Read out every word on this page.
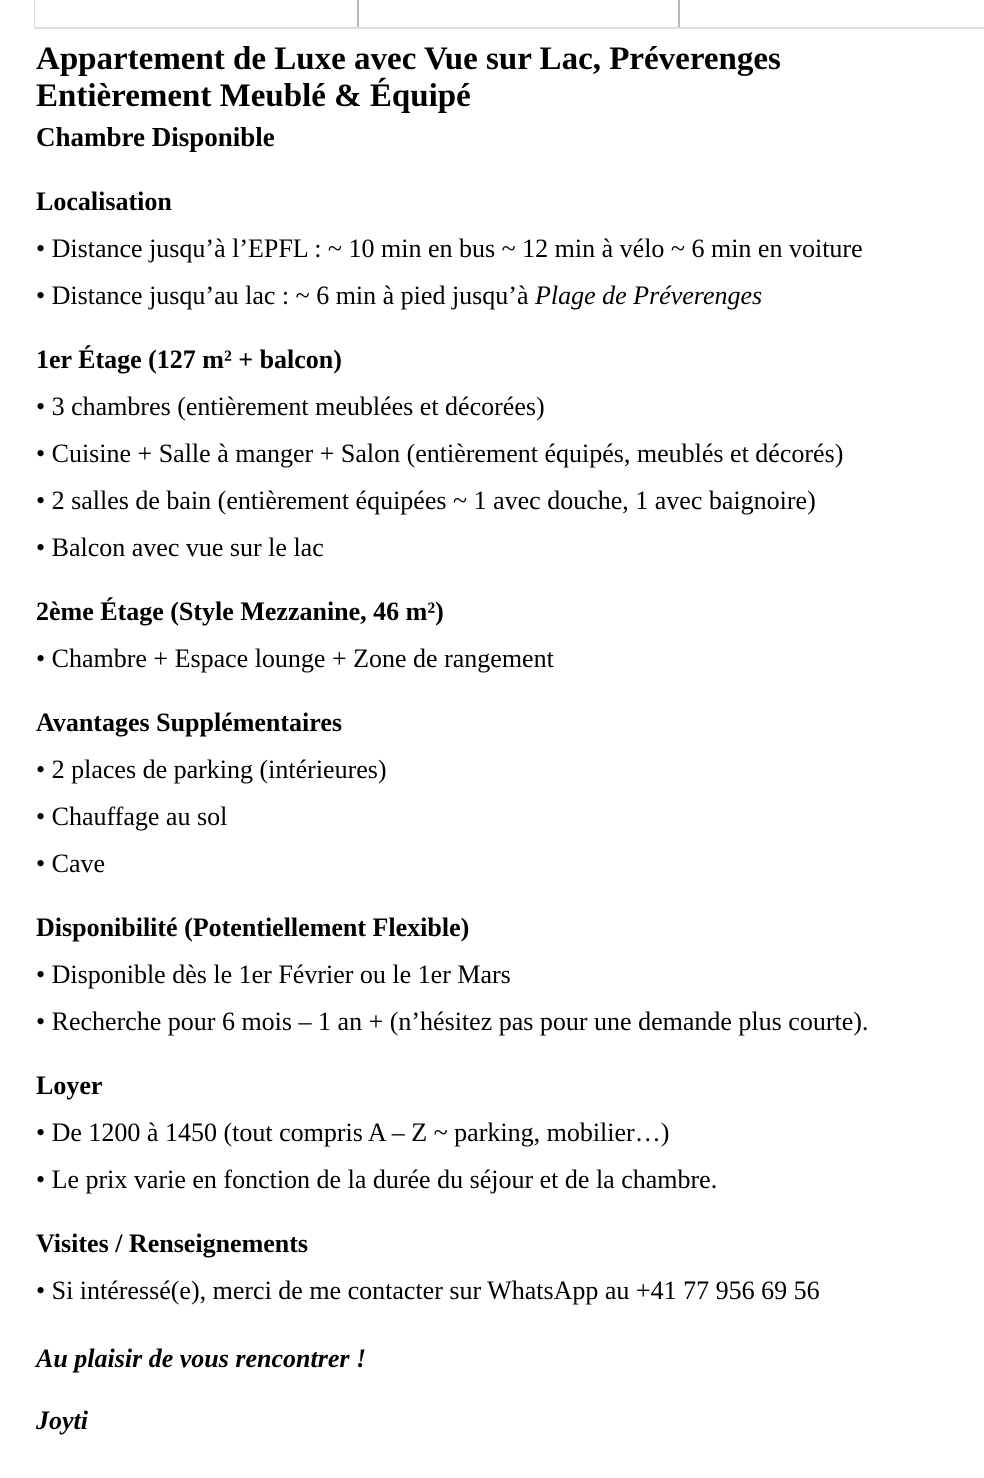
Appartement de Luxe avec Vue sur Lac, Préverenges
Entièrement Meublé & Équipé
Chambre Disponible
Localisation

• Distance jusqu’à l’EPFL : ~ 10 min en bus ~ 12 min à vélo ~ 6 min en voiture

• Distance jusqu’au lac : ~ 6 min à pied jusqu’à Plage de Préverenges

1er Étage (127 m² + balcon)

• 3 chambres (entièrement meublées et décorées)

• Cuisine + Salle à manger + Salon (entièrement équipés, meublés et décorés)

• 2 salles de bain (entièrement équipées ~ 1 avec douche, 1 avec baignoire)

• Balcon avec vue sur le lac

2ème Étage (Style Mezzanine, 46 m²)

• Chambre + Espace lounge + Zone de rangement

Avantages Supplémentaires

• 2 places de parking (intérieures)

• Chauffage au sol

• Cave

Disponibilité (Potentiellement Flexible)

• Disponible dès le 1er Février ou le 1er Mars

• Recherche pour 6 mois – 1 an + (n’hésitez pas pour une demande plus courte).

Loyer

• De 1200 à 1450 (tout compris A – Z ~ parking, mobilier…)

• Le prix varie en fonction de la durée du séjour et de la chambre.

Visites / Renseignements

• Si intéressé(e), merci de me contacter sur WhatsApp au +41 77 956 69 56

Au plaisir de vous rencontrer !

Joyti
